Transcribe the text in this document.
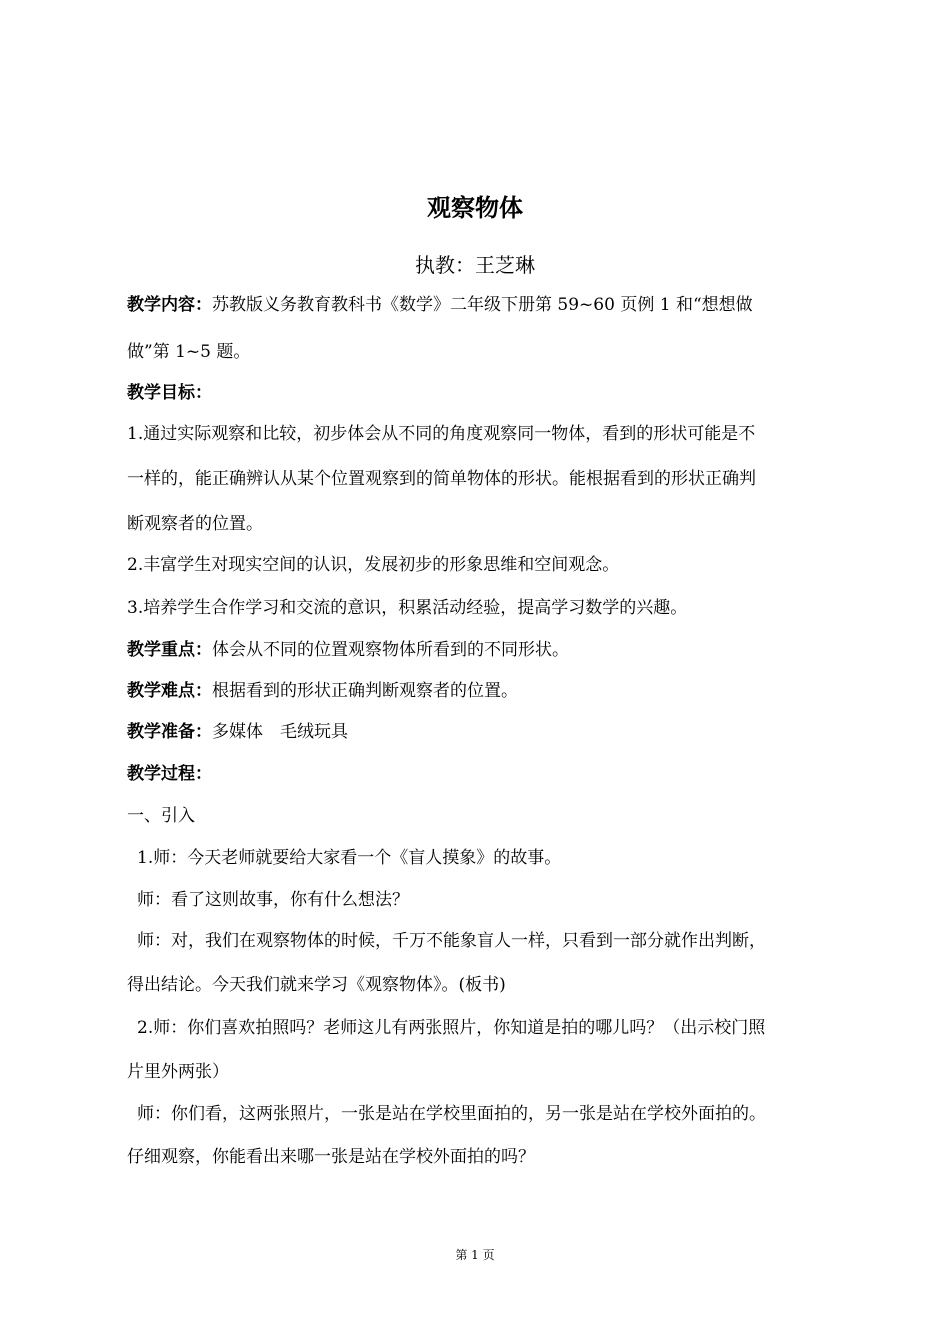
观察物体
执教：王芝琳
教学内容：苏教版义务教育教科书《数学》二年级下册第 59~60 页例 1 和“想想做
做”第 1~5 题。
教学目标：
1.通过实际观察和比较，初步体会从不同的角度观察同一物体，看到的形状可能是不
一样的，能正确辨认从某个位置观察到的简单物体的形状。能根据看到的形状正确判
断观察者的位置。
2.丰富学生对现实空间的认识，发展初步的形象思维和空间观念。
3.培养学生合作学习和交流的意识，积累活动经验，提高学习数学的兴趣。
教学重点：体会从不同的位置观察物体所看到的不同形状。
教学难点：根据看到的形状正确判断观察者的位置。
教学准备：多媒体　毛绒玩具
教学过程：
一、引入
1.师：今天老师就要给大家看一个《盲人摸象》的故事。
师：看了这则故事，你有什么想法？
师：对，我们在观察物体的时候，千万不能象盲人一样，只看到一部分就作出判断，
得出结论。今天我们就来学习《观察物体》。(板书)
2.师：你们喜欢拍照吗？老师这儿有两张照片，你知道是拍的哪儿吗？（出示校门照
片里外两张）
师：你们看，这两张照片，一张是站在学校里面拍的，另一张是站在学校外面拍的。
仔细观察，你能看出来哪一张是站在学校外面拍的吗？
第 1 页
